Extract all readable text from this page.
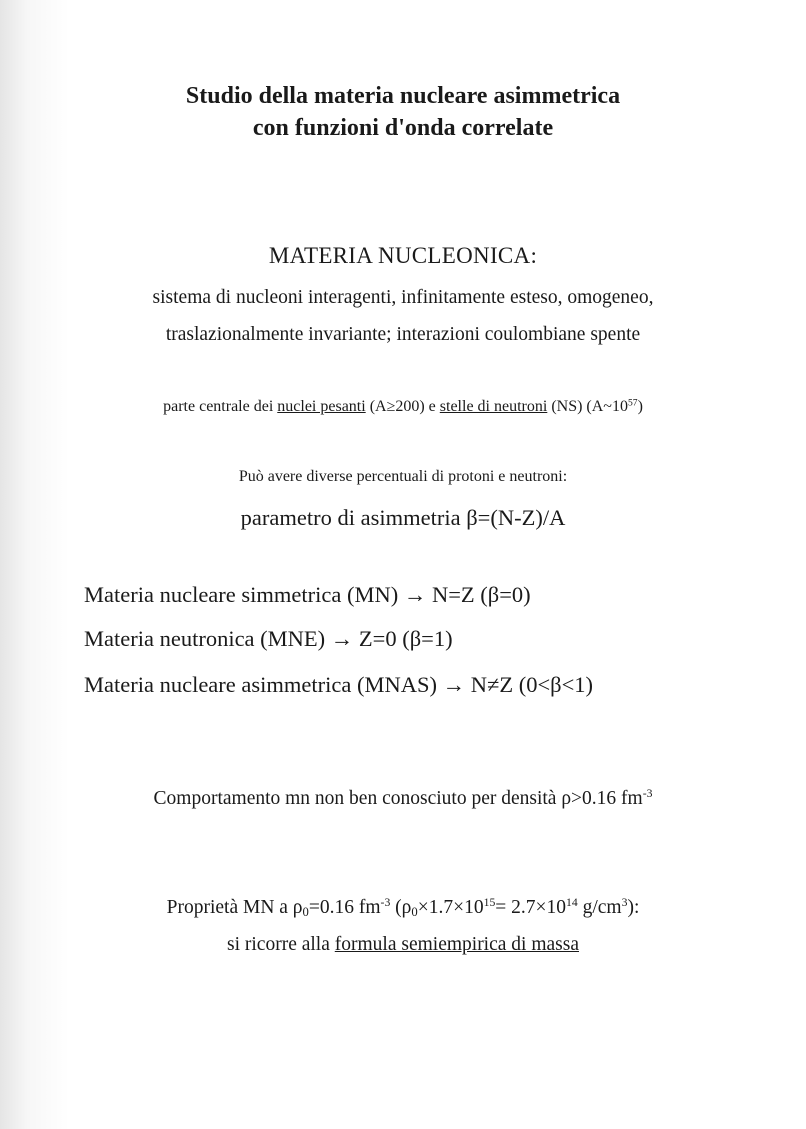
Studio della materia nucleare asimmetrica
con funzioni d'onda correlate
MATERIA NUCLEONICA:
sistema di nucleoni interagenti, infinitamente esteso, omogeneo,
traslazionalmente invariante; interazioni coulombiane spente
parte centrale dei nuclei pesanti (A≥200) e stelle di neutroni (NS) $(A\sim 10^{57})$
Può avere diverse percentuali di protoni e neutroni:
parametro di asimmetria β=(N-Z)/A
Materia nucleare simmetrica (MN) → N=Z (β=0)
Materia neutronica (MNE) → Z=0 (β=1)
Materia nucleare asimmetrica (MNAS) → N≠Z (0<β<1)
Comportamento mn non ben conosciuto per densità ρ>0.16 $fm^{-3}$
Proprietà MN a $\rho_0=0.16$ $fm^{-3}$ ($\rho_0\times 1.7\times 10^{15}= 2.7\times 10^{14}$ $g/cm^3$):
si ricorre alla formula semiempirica di massa
